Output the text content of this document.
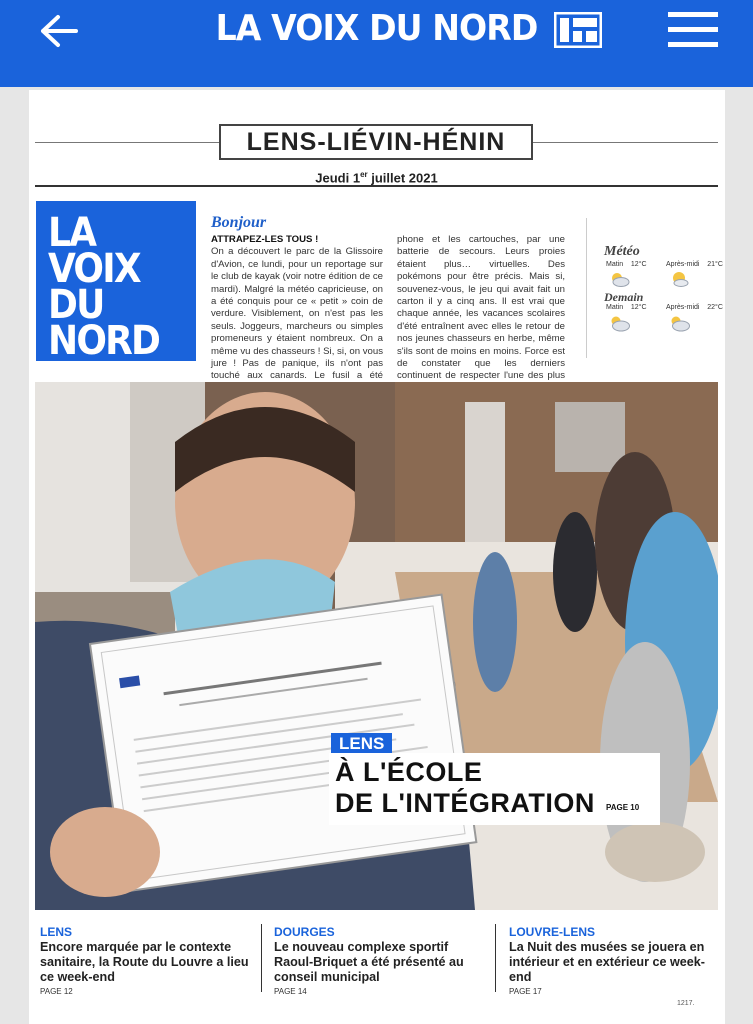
LA VOIX DU NORD
LENS-LIÉVIN-HÉNIN
Jeudi 1er juillet 2021
LA
VOIX
DU
NORD
Bonjour
ATTRAPEZ-LES TOUS !
On a découvert le parc de la Glissoire d'Avion, ce lundi, pour un reportage sur le club de kayak (voir notre édition de ce mardi). Malgré la météo capricieuse, on a été conquis pour ce « petit » coin de verdure. Visiblement, on n'est pas les seuls. Joggeurs, marcheurs ou simples promeneurs y étaient nombreux. On a même vu des chasseurs ! Si, si, on vous jure ! Pas de panique, ils n'ont pas touché aux canards. Le fusil a été
phone et les cartouches, par une batterie de secours. Leurs proies étaient plus… virtuelles. Des pokémons pour être précis. Mais si, souvenez-vous, le jeu qui avait fait un carton il y a cinq ans. Il est vrai que chaque année, les vacances scolaires d'été entraînent avec elles le retour de nos jeunes chasseurs en herbe, même s'ils sont de moins en moins. Force est de constater que les derniers continuent de respecter l'une des plus
Météo
Matin 12°C	Après-midi 21°C
Demain
Matin 12°C	Après-midi 22°C
LENS
À L'ÉCOLE
DE L'INTÉGRATION PAGE 10
LENS
Encore marquée par le contexte sanitaire, la Route du Louvre a lieu ce week-end
PAGE 12
DOURGES
Le nouveau complexe sportif Raoul-Briquet a été présenté au conseil municipal
PAGE 14
LOUVRE-LENS
La Nuit des musées se jouera en intérieur et en extérieur ce week-end
PAGE 17
1217.
